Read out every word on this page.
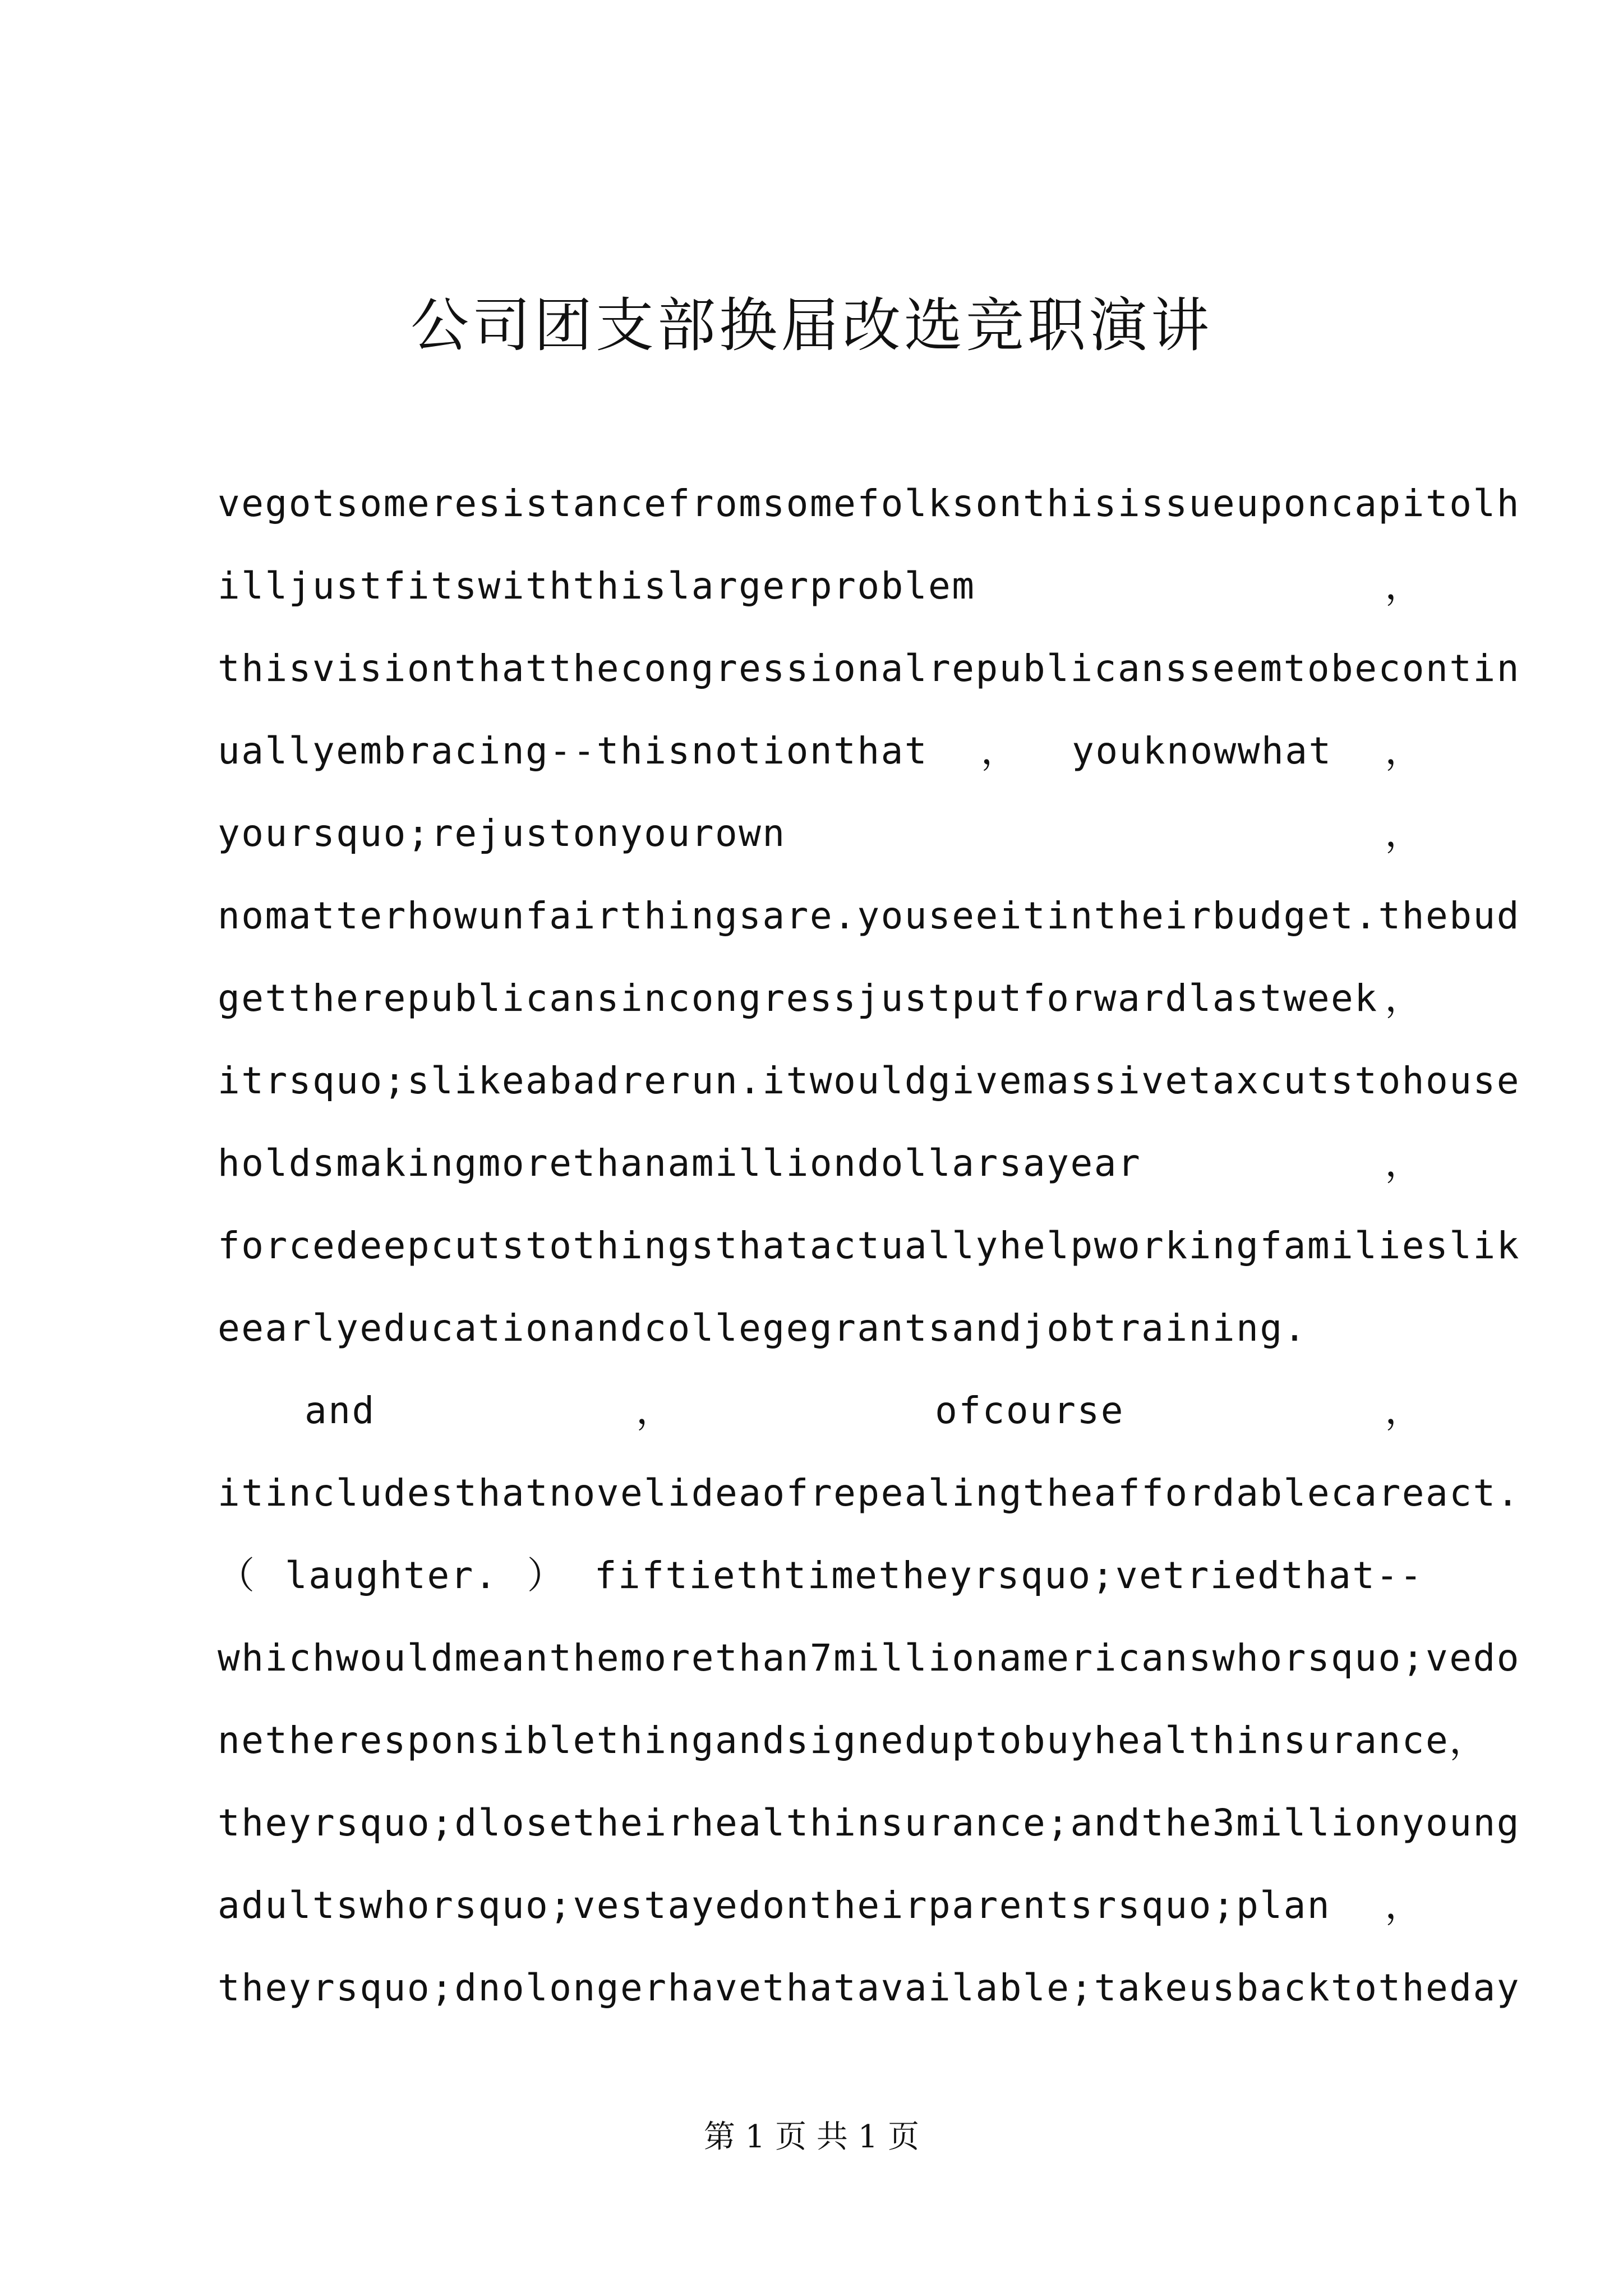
公司团支部换届改选竞职演讲
vegotsomeresistancefromsomefolksonthisissueuponcapitolh
illjustfitswiththislargerproblem	，
thisvisionthatthecongressionalrepublicansseemtobecontin
uallyembracing--thisnotionthat ， youknowwhat ，
yoursquo;rejustonyourown	，
nomatterhowunfairthingsare.youseeitintheirbudget.thebud
gettherepublicansincongressjustputforwardlastweek ，
itrsquo;slikeabadrerun.itwouldgivemassivetaxcutstohouse
holdsmakingmorethanamilliondollarsayear	，
forcedeepcutstothingsthatactuallyhelpworkingfamilieslik
eearlyeducationandcollegegrantsandjobtraining.
and	，	ofcourse	，
itincludesthatnovelideaofrepealingtheaffordablecareact.
（ laughter. ） fiftiethtimetheyrsquo;vetriedthat--
whichwouldmeanthemorethan7millionamericanswhorsquo;vedo
netheresponsiblethingandsigneduptobuyhealthinsurance ，
theyrsquo;dlosetheirhealthinsurance;andthe3millionyoung
adultswhorsquo;vestayedontheirparentsrsquo;plan ，
theyrsquo;dnolongerhavethatavailable;takeusbacktotheday
第 1 页 共 1 页
